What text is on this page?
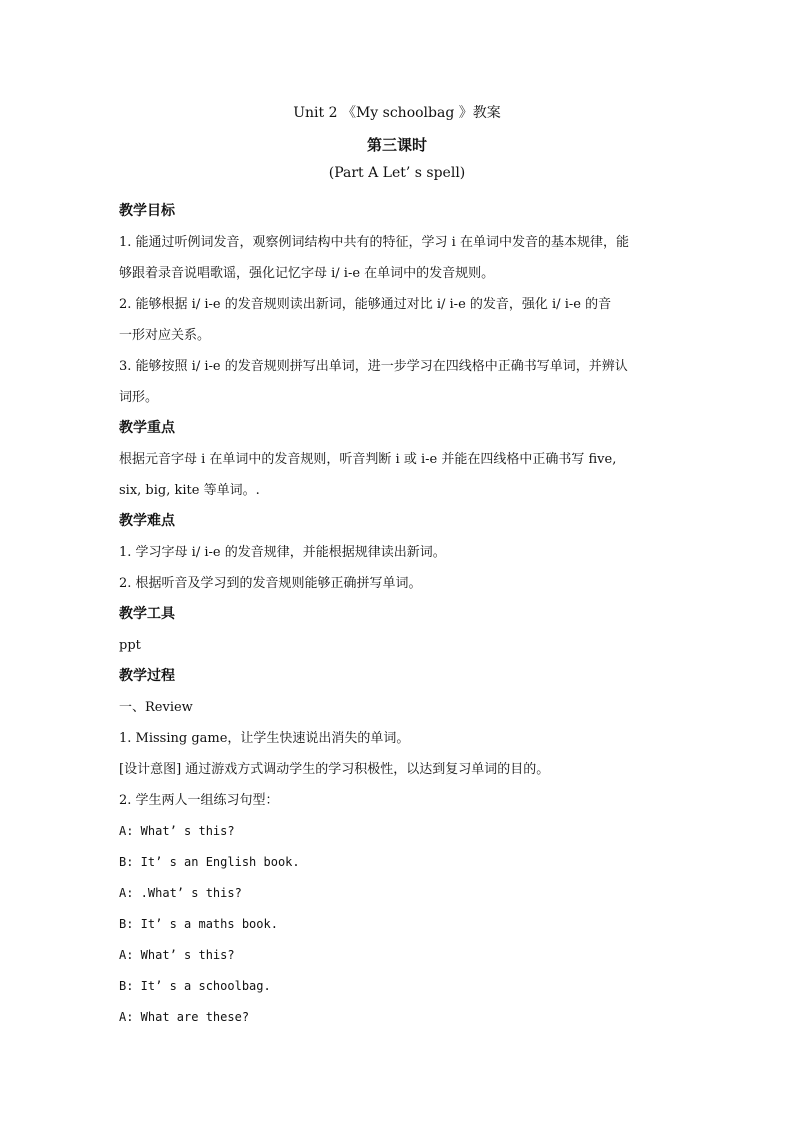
Unit 2 《My schoolbag 》教案
第三课时
(Part A Let’ s spell)
教学目标
1. 能通过听例词发音，观察例词结构中共有的特征，学习 i 在单词中发音的基本规律，能
够跟着录音说唱歌谣，强化记忆字母 i/ i-e 在单词中的发音规则。
2. 能够根据 i/ i-e 的发音规则读出新词，能够通过对比 i/ i-e 的发音，强化 i/ i-e 的音
一形对应关系。
3. 能够按照 i/ i-e 的发音规则拼写出单词，进一步学习在四线格中正确书写单词，并辨认
词形。
教学重点
根据元音字母 i 在单词中的发音规则，听音判断 i 或 i-e 并能在四线格中正确书写 five,
six, big, kite 等单词。.
教学难点
1. 学习字母 i/ i-e 的发音规律，并能根据规律读出新词。
2. 根据听音及学习到的发音规则能够正确拼写单词。
教学工具
ppt
教学过程
一、Review
1. Missing game，让学生快速说出消失的单词。
[设计意图] 通过游戏方式调动学生的学习积极性，以达到复习单词的目的。
2. 学生两人一组练习句型：
A: What’ s this?
B: It’ s an English book.
A: .What’ s this?
B: It’ s a maths book.
A: What’ s this?
B: It’ s a schoolbag.
A: What are these?
